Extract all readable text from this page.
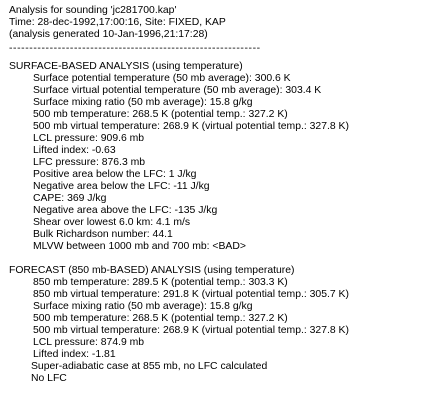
Analysis for sounding 'jc281700.kap'
Time: 28-dec-1992,17:00:16, Site: FIXED, KAP
(analysis generated 10-Jan-1996,21:17:28)
--------------------------------------------------------------
SURFACE-BASED ANALYSIS (using temperature)
Surface potential temperature (50 mb average): 300.6 K
Surface virtual potential temperature (50 mb average): 303.4 K
Surface mixing ratio (50 mb average): 15.8 g/kg
500 mb temperature: 268.5 K (potential temp.: 327.2 K)
500 mb virtual temperature: 268.9 K (virtual potential temp.: 327.8 K)
LCL pressure: 909.6 mb
Lifted index: -0.63
LFC pressure: 876.3 mb
Positive area below the LFC: 1 J/kg
Negative area below the LFC: -11 J/kg
CAPE: 369 J/kg
Negative area above the LFC: -135 J/kg
Shear over lowest 6.0 km: 4.1 m/s
Bulk Richardson number: 44.1
MLVW between 1000 mb and 700 mb: <BAD>
FORECAST (850 mb-BASED) ANALYSIS (using temperature)
850 mb temperature: 289.5 K (potential temp.: 303.3 K)
850 mb virtual temperature: 291.8 K (virtual potential temp.: 305.7 K)
Surface mixing ratio (50 mb average): 15.8 g/kg
500 mb temperature: 268.5 K (potential temp.: 327.2 K)
500 mb virtual temperature: 268.9 K (virtual potential temp.: 327.8 K)
LCL pressure: 874.9 mb
Lifted index: -1.81
Super-adiabatic case at 855 mb, no LFC calculated
No LFC
